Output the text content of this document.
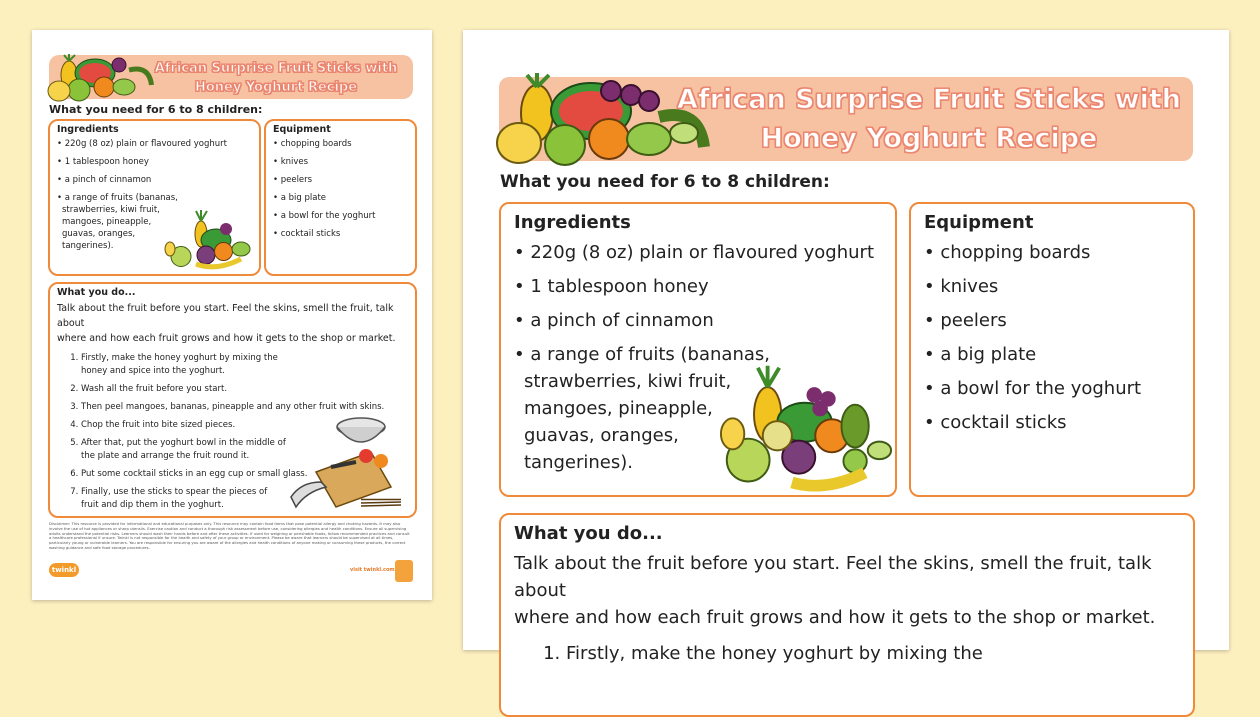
African Surprise Fruit Sticks with
Honey Yoghurt Recipe
What you need for 6 to 8 children:
Ingredients
• 220g (8 oz) plain or flavoured yoghurt
• 1 tablespoon honey
• a pinch of cinnamon
• a range of fruits (bananas,
strawberries, kiwi fruit,
mangoes, pineapple,
guavas, oranges,
tangerines).
Equipment
• chopping boards
• knives
• peelers
• a big plate
• a bowl for the yoghurt
• cocktail sticks
What you do...

Talk about the fruit before you start. Feel the skins, smell the fruit, talk about

where and how each fruit grows and how it gets to the shop or market.

1. Firstly, make the honey yoghurt by mixing the
honey and spice into the yoghurt.
2. Wash all the fruit before you start.
3. Then peel mangoes, bananas, pineapple and any other fruit with skins.
4. Chop the fruit into bite sized pieces.
5. After that, put the yoghurt bowl in the middle of
the plate and arrange the fruit round it.
6. Put some cocktail sticks in an egg cup or small glass.
7. Finally, use the sticks to spear the pieces of
fruit and dip them in the yoghurt.
Disclaimer: This resource is provided for informational and educational purposes only. This resource may contain food items that pose potential allergy and choking hazards. It may also involve the use of hot appliances or sharp utensils. Exercise caution and conduct a thorough risk assessment before use, considering allergies and health conditions. Ensure all supervising adults understand the potential risks. Learners should wash their hands before and after these activities. If used for weighing or perishable foods, follow recommended practices and consult a healthcare professional if unsure. Twinkl is not responsible for the health and safety of your group or environment. Please be aware that learners should be supervised at all times, particularly young or vulnerable learners. You are responsible for ensuring you are aware of the allergies and health conditions of anyone making or consuming these products, the correct washing guidance and safe food storage procedures.
twinkl	visit twinkl.com
African Surprise Fruit Sticks with
Honey Yoghurt Recipe
What you need for 6 to 8 children:
Ingredients
• 220g (8 oz) plain or flavoured yoghurt
• 1 tablespoon honey
• a pinch of cinnamon
• a range of fruits (bananas,
strawberries, kiwi fruit,
mangoes, pineapple,
guavas, oranges,
tangerines).
Equipment
• chopping boards
• knives
• peelers
• a big plate
• a bowl for the yoghurt
• cocktail sticks
What you do...

Talk about the fruit before you start. Feel the skins, smell the fruit, talk about

where and how each fruit grows and how it gets to the shop or market.

1. Firstly, make the honey yoghurt by mixing the
